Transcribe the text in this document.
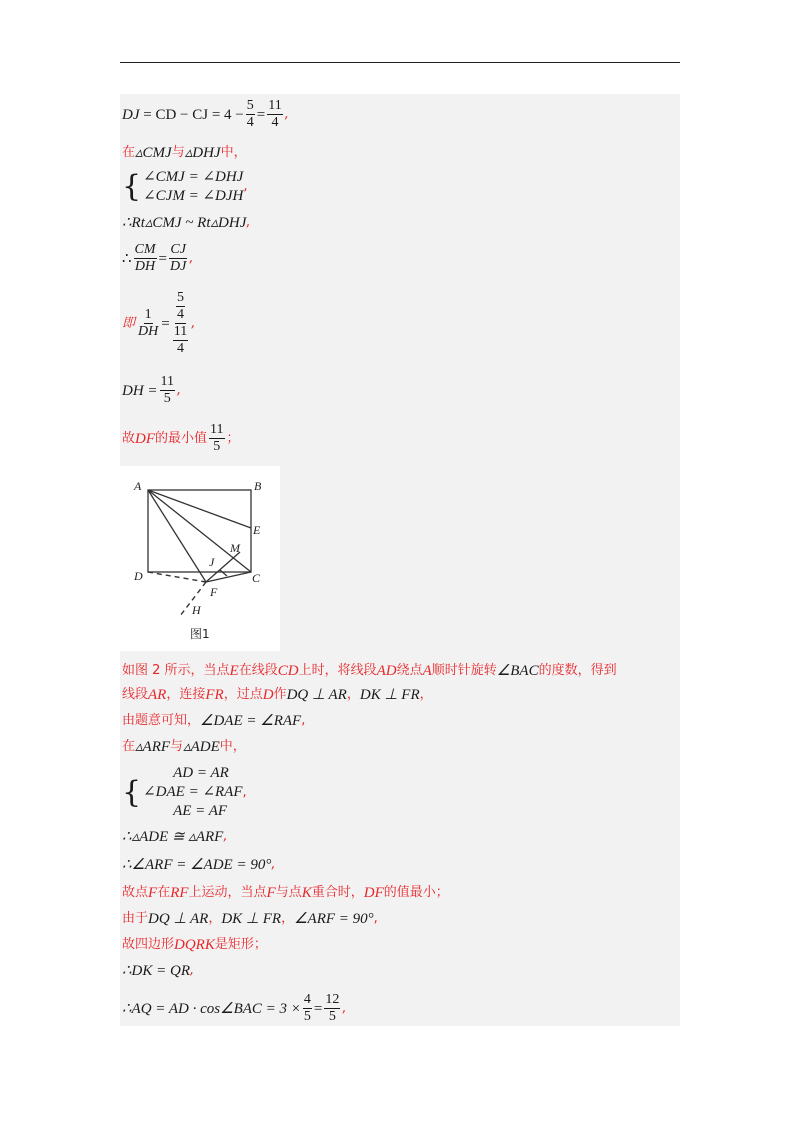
DJ
= CD − CJ = $4 - \frac{5}{4} = \frac{11}{4}$ ,
在 ▵CMJ 与 ▵DHJ 中，
{ ∠CMJ = ∠DHJ
∠CJM = ∠DJH
,
∴Rt▵CMJ ~ Rt▵DHJ ,
∴ $\frac{CM}{DH} = \frac{CJ}{DJ}$ ,
即 $\frac{1}{DH} = \frac{\frac{5}{4}}{\frac{11}{4}}$ ,
DH = $\frac{11}{5}$ ,
故 DF 的最小值 $\frac{11}{5}$ ；
A	B
C
D
E
F
H
J
M
图1
如图 2 所示，当点 E 在线段 CD 上时，将线段 AD 绕点 A 顺时针旋转 ∠BAC 的度数，得到
线段 AR ，连接 FR ，过点 D 作 DQ ⊥ AR ， DK ⊥ FR ，
由题意可知， ∠DAE = ∠RAF ,
在 ▵ARF 与 ▵ADE 中，
{
AD = AR
∠DAE = ∠RAF
AE = AF
,
∴▵ADE ≅ ▵ARF ,
∴∠ARF = ∠ADE = 90° ,
故点 F 在 RF 上运动，当点 F 与点 K 重合时， DF 的值最小；
由于 DQ ⊥ AR ， DK ⊥ FR ， ∠ARF = 90° ,
故四边形 DQRK 是矩形；
∴DK = QR ,
∴AQ = AD · cos∠BAC = $3 \times \frac{4}{5} = \frac{12}{5}$ ,
